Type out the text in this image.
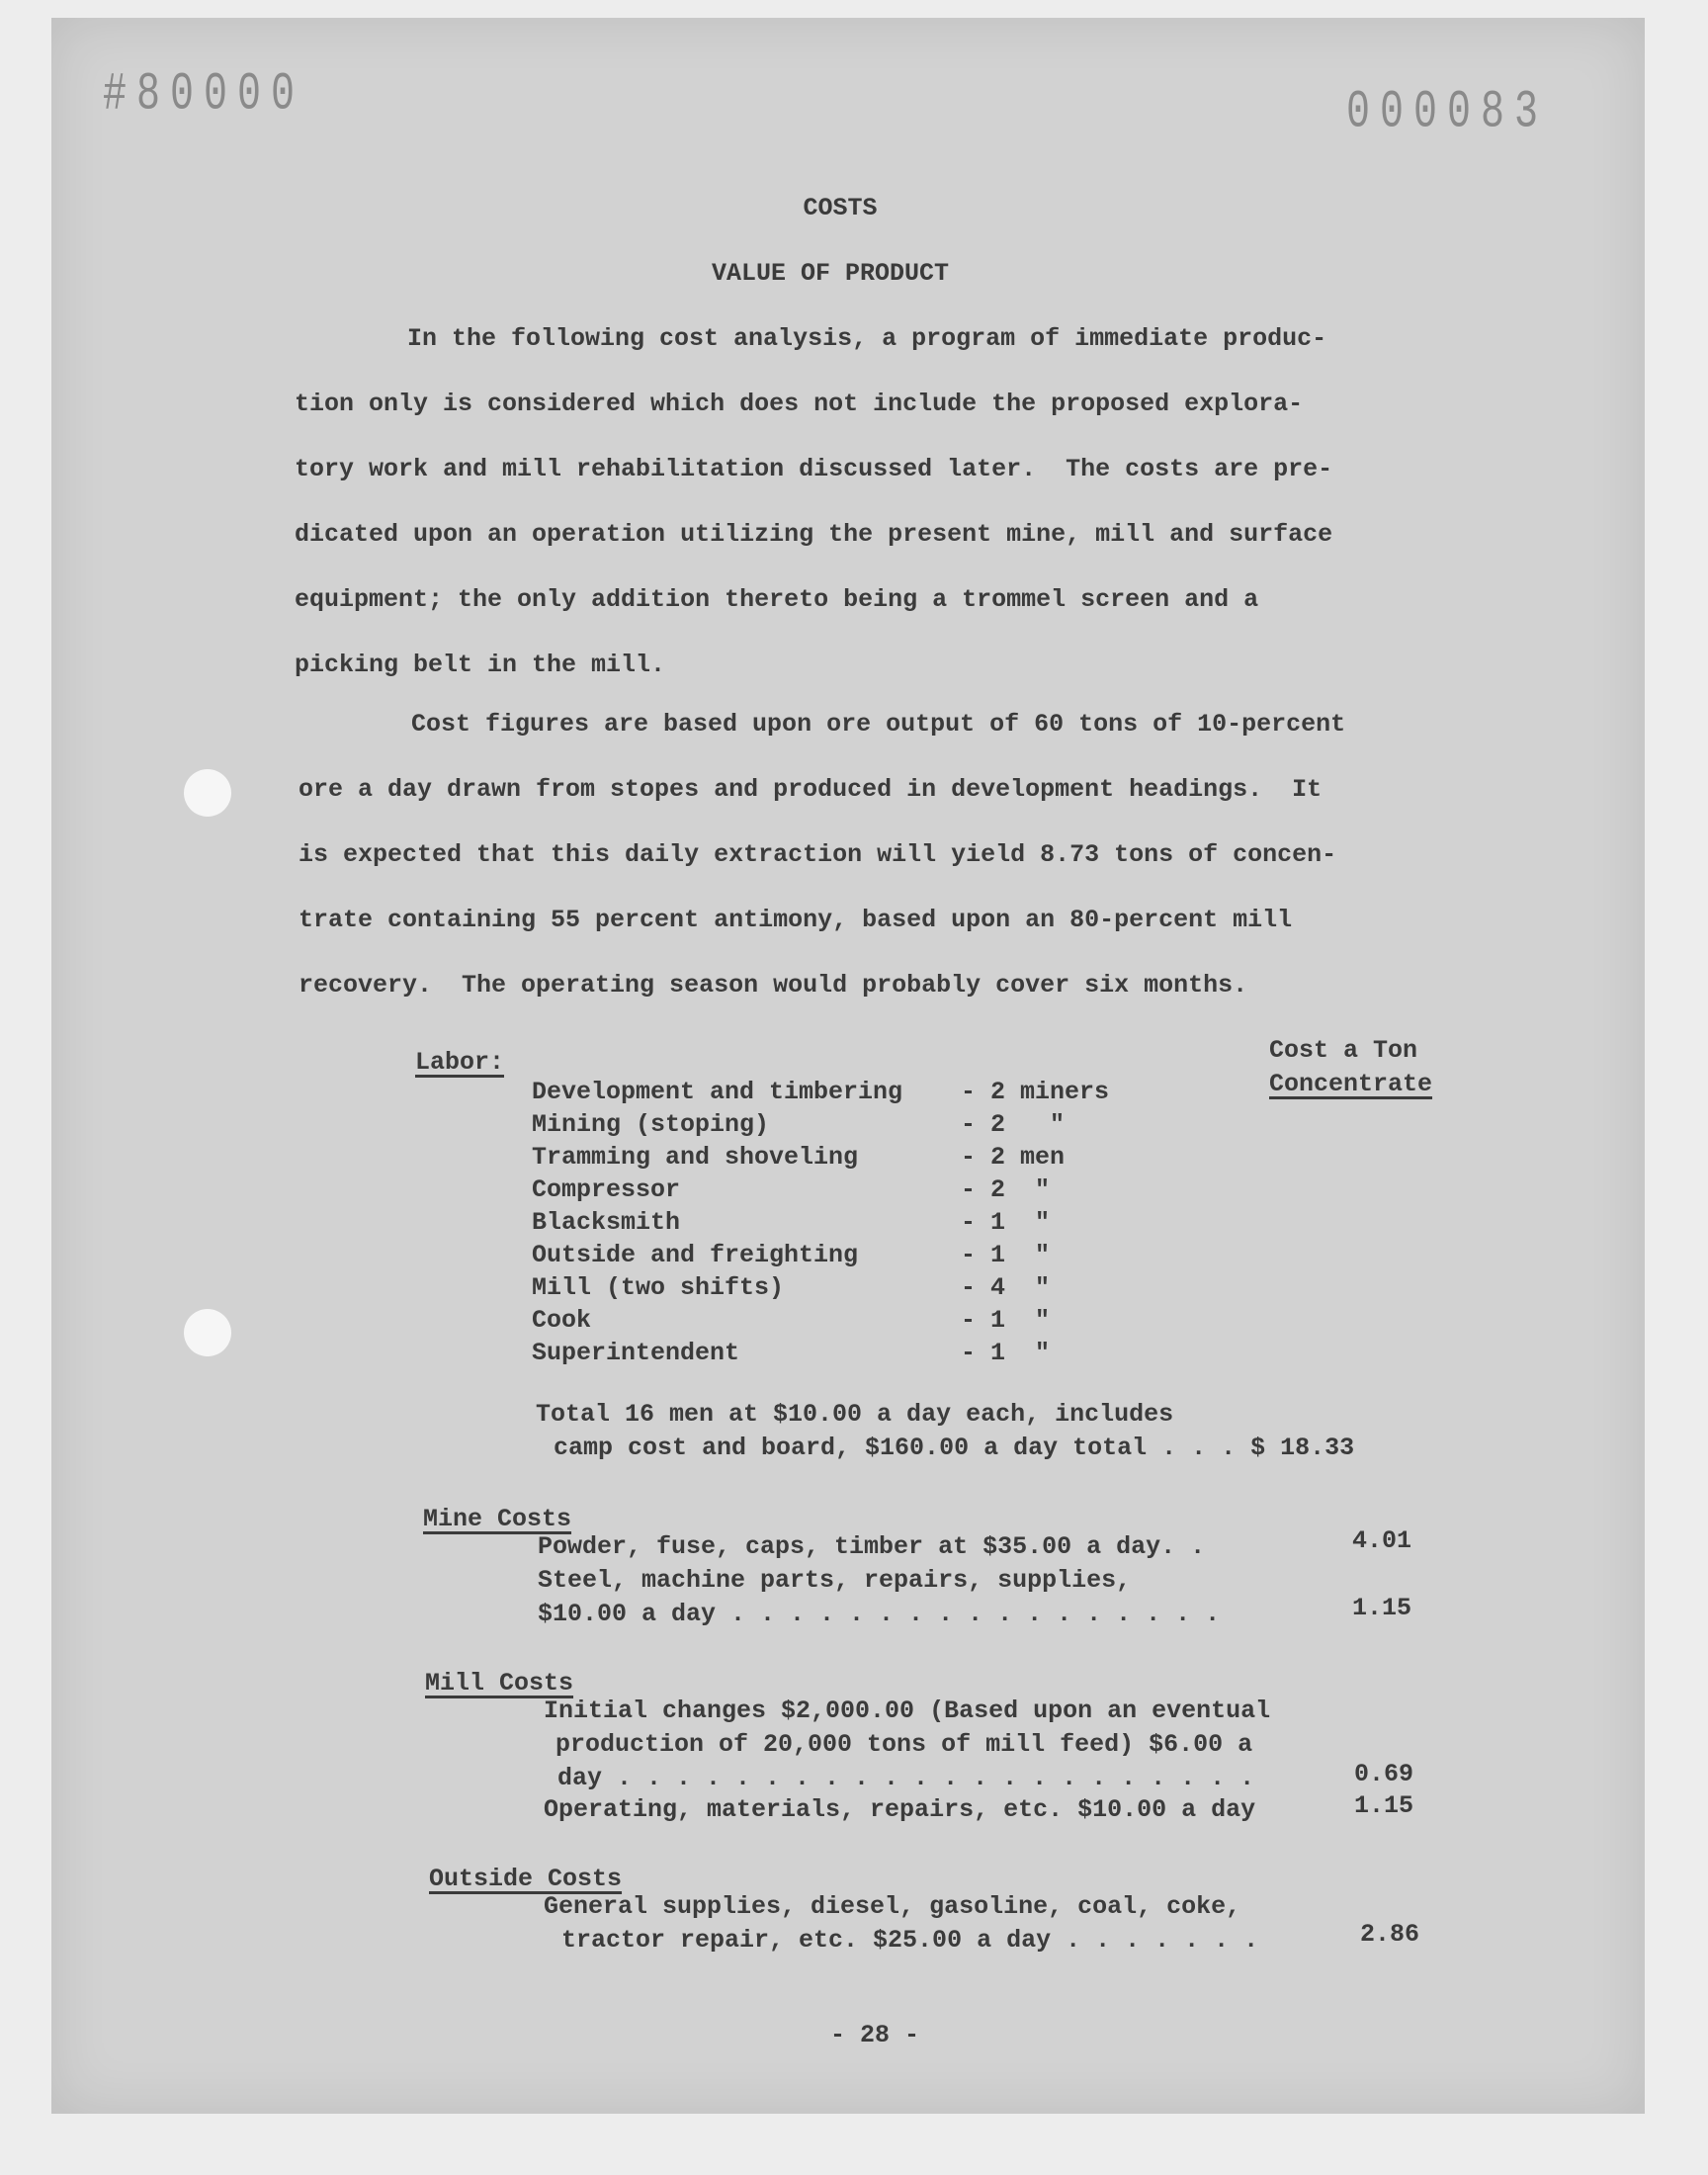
#80000	000083
COSTS
VALUE OF PRODUCT
In the following cost analysis, a program of immediate produc-
tion only is considered which does not include the proposed explora-
tory work and mill rehabilitation discussed later.  The costs are pre-
dicated upon an operation utilizing the present mine, mill and surface
equipment; the only addition thereto being a trommel screen and a
picking belt in the mill.
Cost figures are based upon ore output of 60 tons of 10-percent
ore a day drawn from stopes and produced in development headings.  It
is expected that this daily extraction will yield 8.73 tons of concen-
trate containing 55 percent antimony, based upon an 80-percent mill
recovery.  The operating season would probably cover six months.
Labor:	Cost a Ton
Concentrate
Development and timbering - 2 miners
Mining (stoping)	- 2   "
Tramming and shoveling	- 2 men
Compressor	- 2  "
Blacksmith	- 1  "
Outside and freighting	- 1  "
Mill (two shifts)	- 4  "
Cook	- 1  "
Superintendent	- 1  "
Total 16 men at $10.00 a day each, includes
camp cost and board, $160.00 a day total . . . $ 18.33
Mine Costs
Powder, fuse, caps, timber at $35.00 a day. .	4.01
Steel, machine parts, repairs, supplies,
$10.00 a day . . . . . . . . . . . . . . . . .	1.15
Mill Costs
Initial changes $2,000.00 (Based upon an eventual
production of 20,000 tons of mill feed) $6.00 a
day . . . . . . . . . . . . . . . . . . . . . .	0.69
Operating, materials, repairs, etc. $10.00 a day	1.15
Outside Costs
General supplies, diesel, gasoline, coal, coke,
tractor repair, etc. $25.00 a day . . . . . . .	2.86
- 28 -
